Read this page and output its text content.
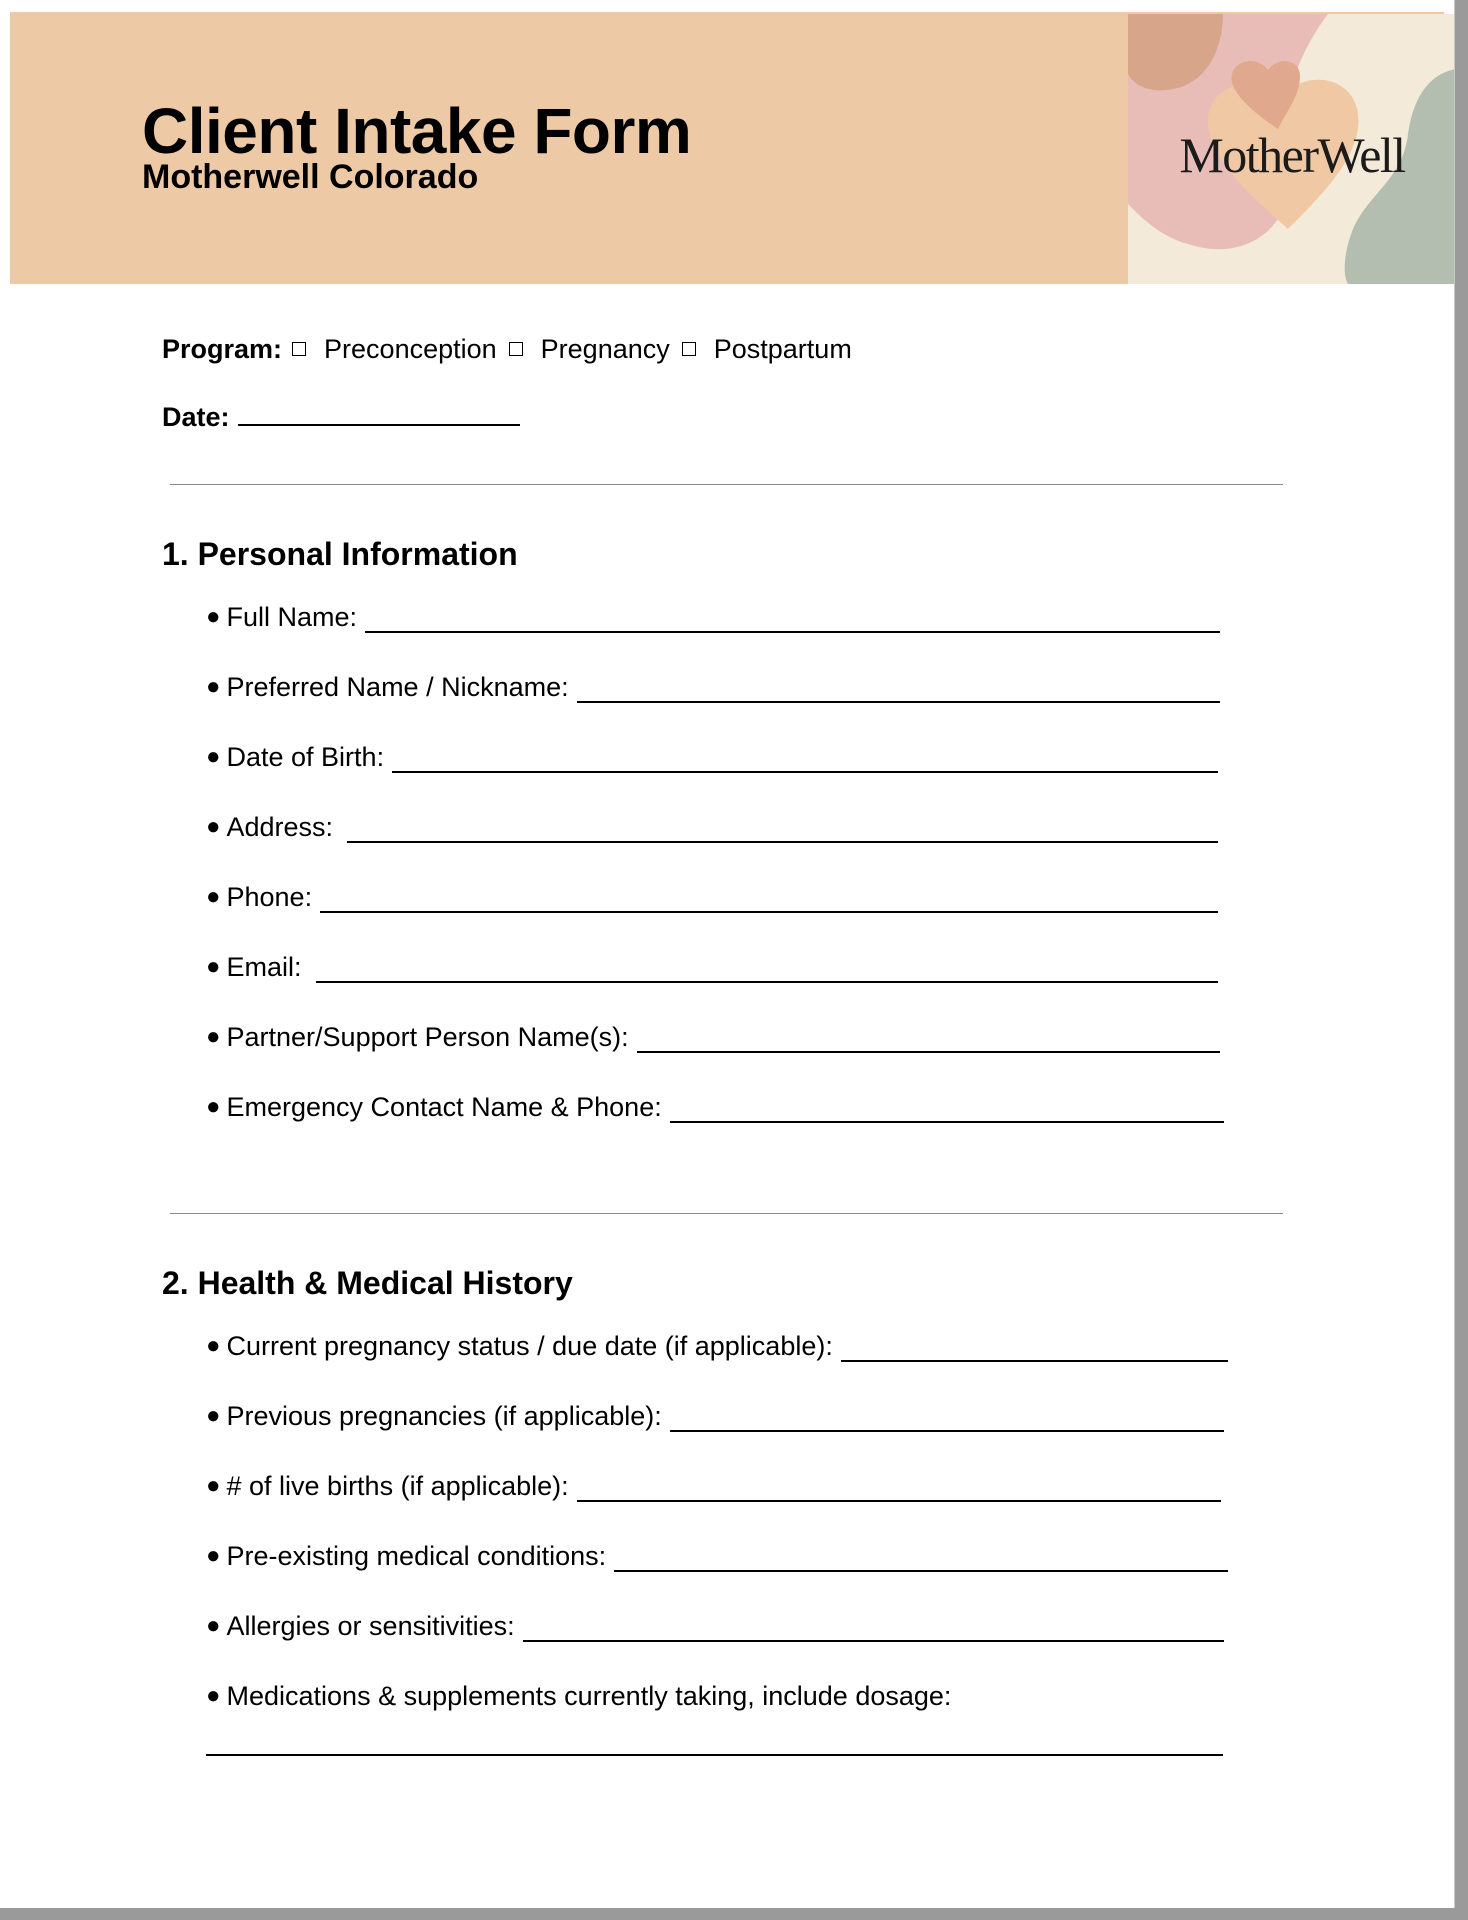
Client Intake Form
Motherwell Colorado	MotherWell
Program: Preconception Pregnancy Postpartum
Date:
1. Personal Information
● Full Name:
● Preferred Name / Nickname:
● Date of Birth:
● Address:
● Phone:
● Email:
● Partner/Support Person Name(s):
● Emergency Contact Name & Phone:
2. Health & Medical History
● Current pregnancy status / due date (if applicable):
● Previous pregnancies (if applicable):
● # of live births (if applicable):
● Pre-existing medical conditions:
● Allergies or sensitivities:
● Medications & supplements currently taking, include dosage:
